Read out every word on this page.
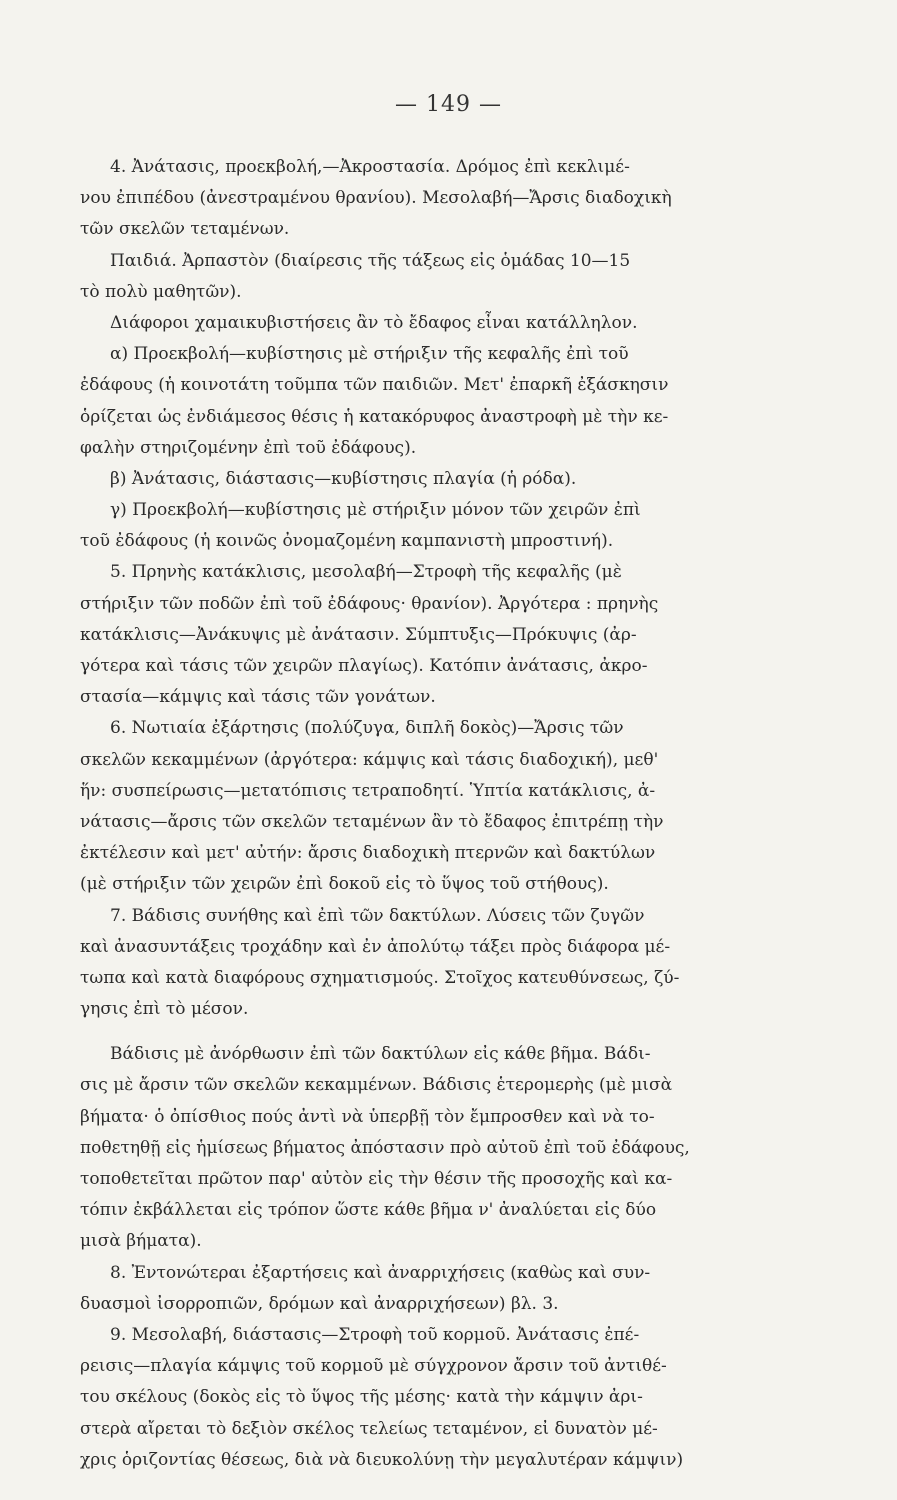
— 149 —
4. Ἀνάτασις, προεκβολή,—Ἀκροστασία. Δρόμος ἐπὶ κεκλιμέ-
νου ἐπιπέδου (ἀνεστραμένου θρανίου). Μεσολαβή—Ἄρσις διαδοχικὴ
τῶν σκελῶν τεταμένων.
Παιδιά. Ἀρπαστὸν (διαίρεσις τῆς τάξεως εἰς ὁμάδας 10—15
τὸ πολὺ μαθητῶν).
Διάφοροι χαμαικυβιστήσεις ἂν τὸ ἔδαφος εἶναι κατάλληλον.
α) Προεκβολή—κυβίστησις μὲ στήριξιν τῆς κεφαλῆς ἐπὶ τοῦ
ἐδάφους (ἡ κοινοτάτη τοῦμπα τῶν παιδιῶν. Μετ' ἐπαρκῆ ἐξάσκησιν
ὁρίζεται ὡς ἐνδιάμεσος θέσις ἡ κατακόρυφος ἀναστροφὴ μὲ τὴν κε-
φαλὴν στηριζομένην ἐπὶ τοῦ ἐδάφους).
β) Ἀνάτασις, διάστασις—κυβίστησις πλαγία (ἡ ρόδα).
γ) Προεκβολή—κυβίστησις μὲ στήριξιν μόνον τῶν χειρῶν ἐπὶ
τοῦ ἐδάφους (ἡ κοινῶς ὀνομαζομένη καμπανιστὴ μπροστινή).
5. Πρηνὴς κατάκλισις, μεσολαβή—Στροφὴ τῆς κεφαλῆς (μὲ
στήριξιν τῶν ποδῶν ἐπὶ τοῦ ἐδάφους· θρανίον). Ἀργότερα : πρηνὴς
κατάκλισις—Ἀνάκυψις μὲ ἀνάτασιν. Σύμπτυξις—Πρόκυψις (ἀρ-
γότερα καὶ τάσις τῶν χειρῶν πλαγίως). Κατόπιν ἀνάτασις, ἀκρο-
στασία—κάμψις καὶ τάσις τῶν γονάτων.
6. Νωτιαία ἐξάρτησις (πολύζυγα, διπλῆ δοκὸς)—Ἄρσις τῶν
σκελῶν κεκαμμένων (ἀργότερα: κάμψις καὶ τάσις διαδοχική), μεθ'
ἥν: συσπείρωσις—μετατόπισις τετραποδητί. Ὑπτία κατάκλισις, ἀ-
νάτασις—ἄρσις τῶν σκελῶν τεταμένων ἂν τὸ ἔδαφος ἐπιτρέπῃ τὴν
ἐκτέλεσιν καὶ μετ' αὐτήν: ἄρσις διαδοχικὴ πτερνῶν καὶ δακτύλων
(μὲ στήριξιν τῶν χειρῶν ἐπὶ δοκοῦ εἰς τὸ ὕψος τοῦ στήθους).
7. Βάδισις συνήθης καὶ ἐπὶ τῶν δακτύλων. Λύσεις τῶν ζυγῶν
καὶ ἀνασυντάξεις τροχάδην καὶ ἐν ἀπολύτῳ τάξει πρὸς διάφορα μέ-
τωπα καὶ κατὰ διαφόρους σχηματισμούς. Στοῖχος κατευθύνσεως, ζύ-
γησις ἐπὶ τὸ μέσον.
Βάδισις μὲ ἀνόρθωσιν ἐπὶ τῶν δακτύλων εἰς κάθε βῆμα. Βάδι-
σις μὲ ἄρσιν τῶν σκελῶν κεκαμμένων. Βάδισις ἑτερομερὴς (μὲ μισὰ
βήματα· ὁ ὀπίσθιος πούς ἀντὶ νὰ ὑπερβῇ τὸν ἔμπροσθεν καὶ νὰ το-
ποθετηθῇ εἰς ἡμίσεως βήματος ἀπόστασιν πρὸ αὐτοῦ ἐπὶ τοῦ ἐδάφους,
τοποθετεῖται πρῶτον παρ' αὐτὸν εἰς τὴν θέσιν τῆς προσοχῆς καὶ κα-
τόπιν ἐκβάλλεται εἰς τρόπον ὥστε κάθε βῆμα ν' ἀναλύεται εἰς δύο
μισὰ βήματα).
8. Ἐντονώτεραι ἐξαρτήσεις καὶ ἀναρριχήσεις (καθὼς καὶ συν-
δυασμοὶ ἰσορροπιῶν, δρόμων καὶ ἀναρριχήσεων) βλ. 3.
9. Μεσολαβή, διάστασις—Στροφὴ τοῦ κορμοῦ. Ἀνάτασις ἐπέ-
ρεισις—πλαγία κάμψις τοῦ κορμοῦ μὲ σύγχρονον ἄρσιν τοῦ ἀντιθέ-
του σκέλους (δοκὸς εἰς τὸ ὕψος τῆς μέσης· κατὰ τὴν κάμψιν ἀρι-
στερὰ αἴρεται τὸ δεξιὸν σκέλος τελείως τεταμένον, εἰ δυνατὸν μέ-
χρις ὁριζοντίας θέσεως, διὰ νὰ διευκολύνῃ τὴν μεγαλυτέραν κάμψιν)
